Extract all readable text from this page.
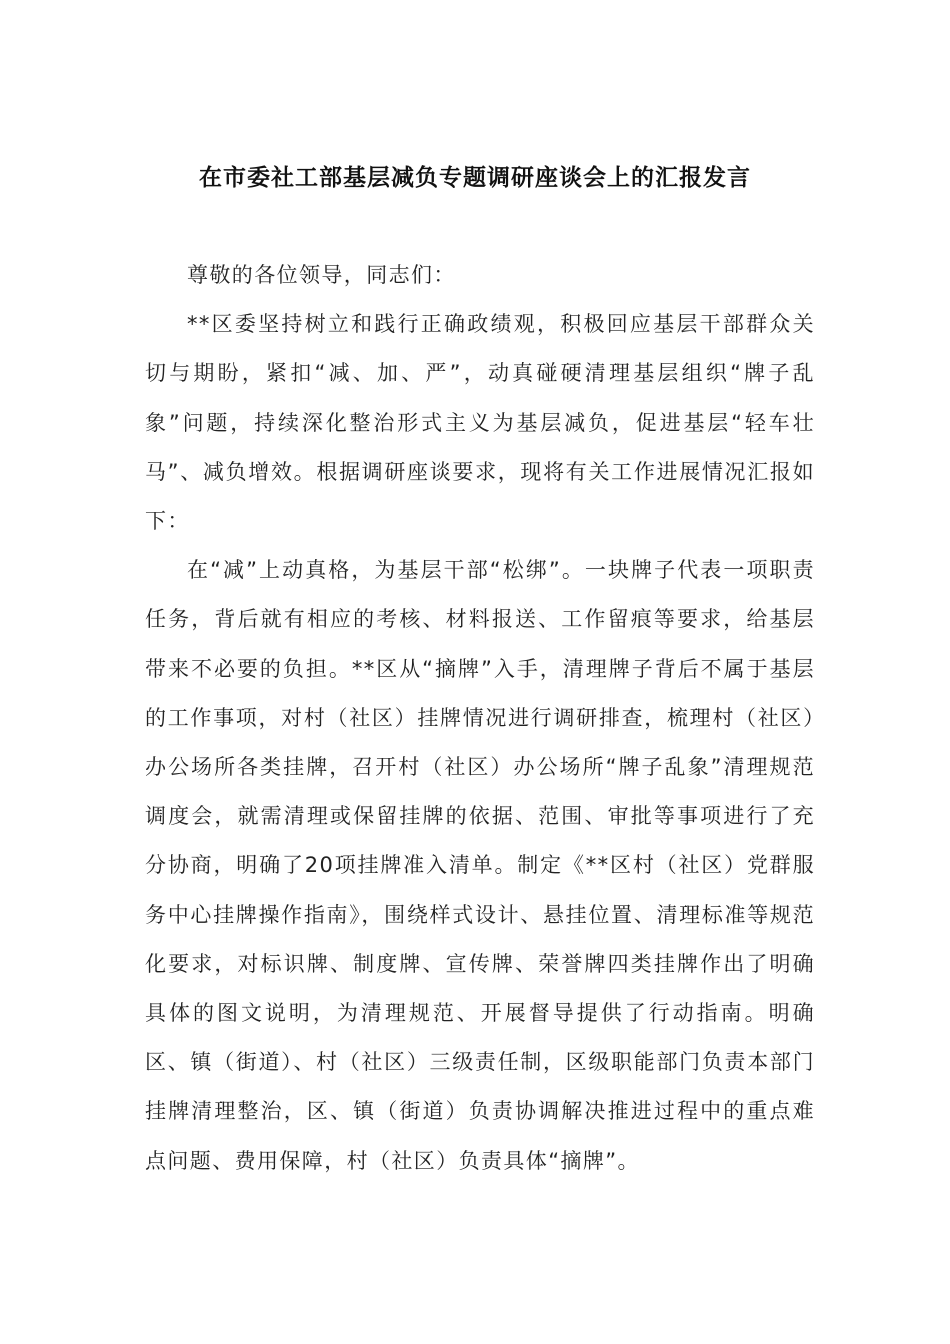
在市委社工部基层减负专题调研座谈会上的汇报发言

尊敬的各位领导，同志们：

**区委坚持树立和践行正确政绩观，积极回应基层干部群众关切与期盼，紧扣“减、加、严”，动真碰硬清理基层组织“牌子乱象”问题，持续深化整治形式主义为基层减负，促进基层“轻车壮马”、减负增效。根据调研座谈要求，现将有关工作进展情况汇报如下：

在“减”上动真格，为基层干部“松绑”。一块牌子代表一项职责任务，背后就有相应的考核、材料报送、工作留痕等要求，给基层带来不必要的负担。**区从“摘牌”入手，清理牌子背后不属于基层的工作事项，对村（社区）挂牌情况进行调研排查，梳理村（社区）办公场所各类挂牌，召开村（社区）办公场所“牌子乱象”清理规范调度会，就需清理或保留挂牌的依据、范围、审批等事项进行了充分协商，明确了20项挂牌准入清单。制定《**区村（社区）党群服务中心挂牌操作指南》，围绕样式设计、悬挂位置、清理标准等规范化要求，对标识牌、制度牌、宣传牌、荣誉牌四类挂牌作出了明确具体的图文说明，为清理规范、开展督导提供了行动指南。明确区、镇（街道）、村（社区）三级责任制，区级职能部门负责本部门挂牌清理整治，区、镇（街道）负责协调解决推进过程中的重点难点问题、费用保障，村（社区）负责具体“摘牌”。
